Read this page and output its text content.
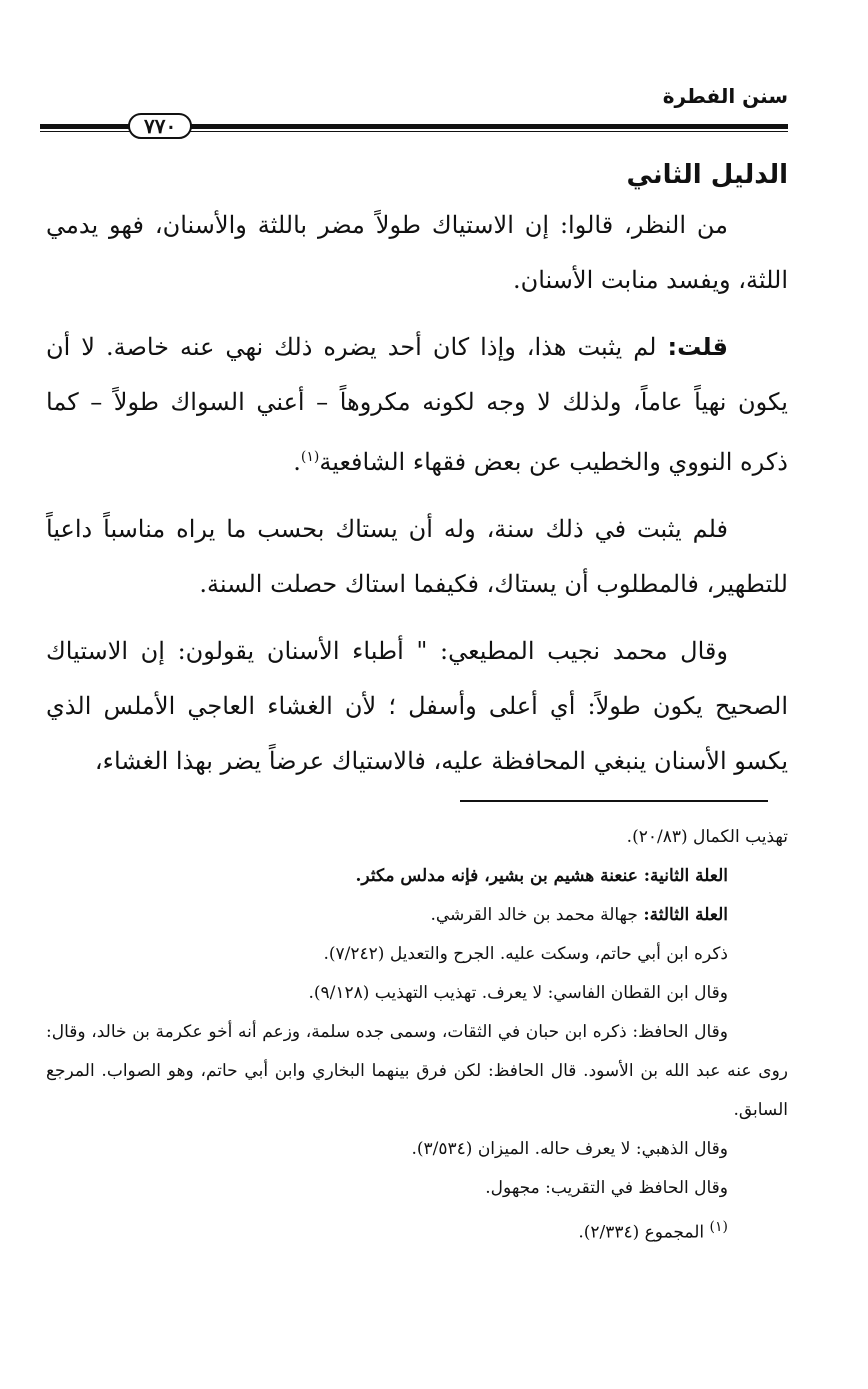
سنن الفطرة
٧٧٠
الدليل الثاني

من النظر، قالوا: إن الاستياك طولاً مضر باللثة والأسنان، فهو يدمي اللثة، ويفسد منابت الأسنان.

قلت: لم يثبت هذا، وإذا كان أحد يضره ذلك نهي عنه خاصة. لا أن يكون نهياً عاماً، ولذلك لا وجه لكونه مكروهاً – أعني السواك طولاً – كما ذكره النووي والخطيب عن بعض فقهاء الشافعية$^{(١)}$.

فلم يثبت في ذلك سنة، وله أن يستاك بحسب ما يراه مناسباً داعياً للتطهير، فالمطلوب أن يستاك، فكيفما استاك حصلت السنة.

وقال محمد نجيب المطيعي: " أطباء الأسنان يقولون: إن الاستياك الصحيح يكون طولاً: أي أعلى وأسفل ؛ لأن الغشاء العاجي الأملس الذي يكسو الأسنان ينبغي المحافظة عليه، فالاستياك عرضاً يضر بهذا الغشاء،

تهذيب الكمال (٢٠/٨٣).

العلة الثانية: عنعنة هشيم بن بشير، فإنه مدلس مكثر.

العلة الثالثة: جهالة محمد بن خالد القرشي.

ذكره ابن أبي حاتم، وسكت عليه. الجرح والتعديل (٧/٢٤٢).

وقال ابن القطان الفاسي: لا يعرف. تهذيب التهذيب (٩/١٢٨).

وقال الحافظ: ذكره ابن حبان في الثقات، وسمى جده سلمة، وزعم أنه أخو عكرمة بن خالد، وقال: روى عنه عبد الله بن الأسود. قال الحافظ: لكن فرق بينهما البخاري وابن أبي حاتم، وهو الصواب. المرجع السابق.

وقال الذهبي: لا يعرف حاله. الميزان (٣/٥٣٤).

وقال الحافظ في التقريب: مجهول.

$^{(١)}$ المجموع (٢/٣٣٤).
